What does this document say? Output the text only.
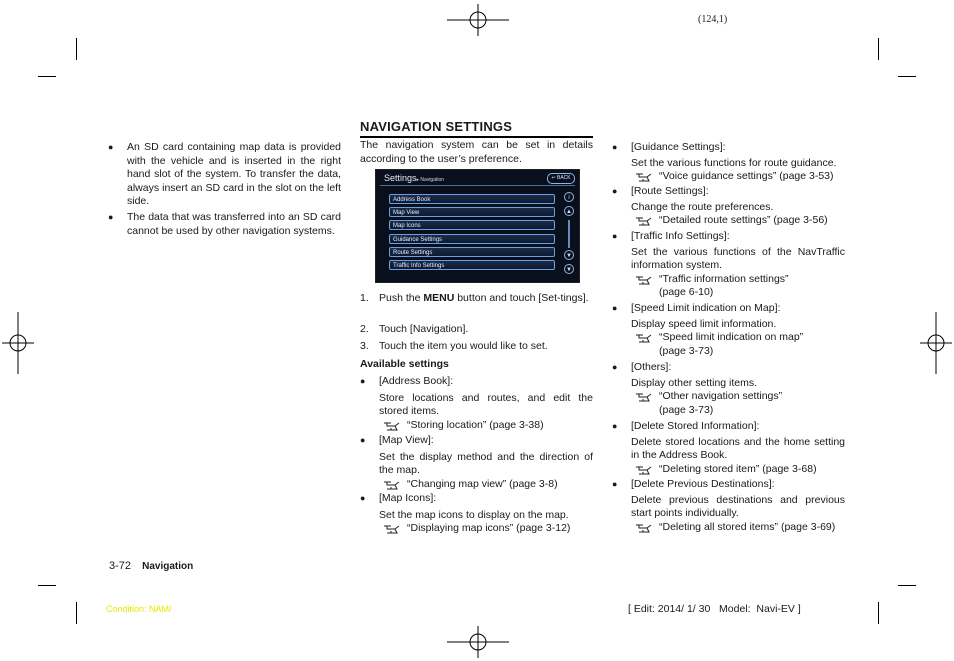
(124,1)
● An SD card containing map data is provided with the vehicle and is inserted in the right hand slot of the system. To transfer the data, always insert an SD card in the slot on the left side.
● The data that was transferred into an SD card cannot be used by other navigation systems.
NAVIGATION SETTINGS
The navigation system can be set in details according to the user’s preference.
Settings▸ Navigation	↩ BACK
Address Book
Map View
Map Icons
Guidance Settings
Route Settings
Traffic Info Settings
i
▲
▼
▼
1. Push the MENU button and touch [Set-tings].
2. Touch [Navigation].
3. Touch the item you would like to set.
Available settings
● [Address Book]:
Store locations and routes, and edit the stored items.
“Storing location” (page 3-38)
● [Map View]:
Set the display method and the direction of the map.
“Changing map view” (page 3-8)
● [Map Icons]:
Set the map icons to display on the map.
“Displaying map icons” (page 3-12)
● [Guidance Settings]:
Set the various functions for route guidance.
“Voice guidance settings” (page 3-53)
● [Route Settings]:
Change the route preferences.
“Detailed route settings” (page 3-56)
● [Traffic Info Settings]:
Set the various functions of the NavTraffic information system.
“Traffic information settings”
(page 6-10)
● [Speed Limit indication on Map]:
Display speed limit information.
“Speed limit indication on map”
(page 3-73)
● [Others]:
Display other setting items.
“Other navigation settings”
(page 3-73)
● [Delete Stored Information]:
Delete stored locations and the home setting in the Address Book.
“Deleting stored item” (page 3-68)
● [Delete Previous Destinations]:
Delete previous destinations and previous start points individually.
“Deleting all stored items” (page 3-69)
3-72 Navigation
Condition: NAM/	[ Edit: 2014/ 1/ 30   Model:  Navi-EV ]
